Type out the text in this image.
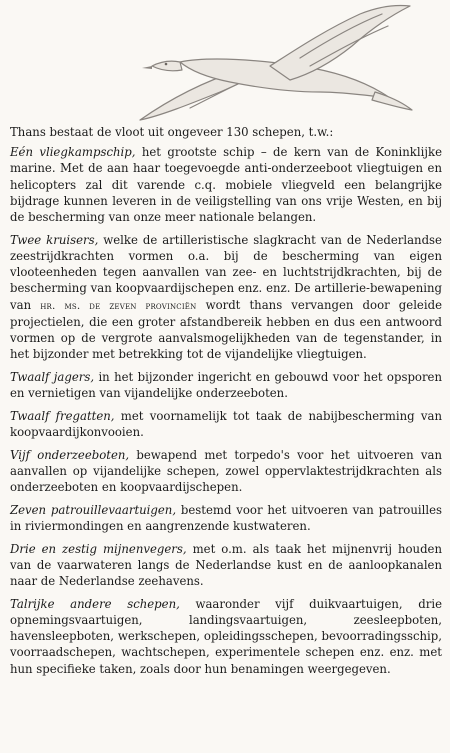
Thans bestaat de vloot uit ongeveer 130 schepen, t.w.:

Eén vliegkampschip, het grootste schip – de kern van de Koninklijke marine. Met de aan haar toegevoegde anti-onderzeeboot vliegtuigen en helicopters zal dit varende c.q. mobiele vliegveld een belangrijke bijdrage kunnen leveren in de veiligstelling van ons vrije Westen, en bij de bescherming van onze meer nationale belangen.

Twee kruisers, welke de artilleristische slagkracht van de Nederlandse zeestrijdkrachten vormen o.a. bij de bescherming van eigen vlooteenheden tegen aanvallen van zee- en luchtstrijdkrachten, bij de bescherming van koopvaardijschepen enz. enz. De artillerie-bewapening van hr. ms. de zeven provinciën wordt thans vervangen door geleide projectielen, die een groter afstandbereik hebben en dus een antwoord vormen op de vergrote aanvalsmogelijkheden van de tegenstander, in het bijzonder met betrekking tot de vijandelijke vliegtuigen.

Twaalf jagers, in het bijzonder ingericht en gebouwd voor het opsporen en vernietigen van vijandelijke onderzeeboten.

Twaalf fregatten, met voornamelijk tot taak de nabijbescherming van koopvaardijkonvooien.

Vijf onderzeeboten, bewapend met torpedo's voor het uitvoeren van aanvallen op vijandelijke schepen, zowel oppervlaktestrijdkrachten als onderzeeboten en koopvaardijschepen.

Zeven patrouillevaartuigen, bestemd voor het uitvoeren van patrouilles in riviermondingen en aangrenzende kustwateren.

Drie en zestig mijnenvegers, met o.m. als taak het mijnenvrij houden van de vaarwateren langs de Nederlandse kust en de aanloopkanalen naar de Nederlandse zeehavens.

Talrijke andere schepen, waaronder vijf duikvaartuigen, drie opnemingsvaartuigen, landingsvaartuigen, zeesleepboten, havensleepboten, werkschepen, opleidingsschepen, bevoorradingsschip, voorraadschepen, wachtschepen, experimentele schepen enz. enz. met hun specifieke taken, zoals door hun benamingen weergegeven.
